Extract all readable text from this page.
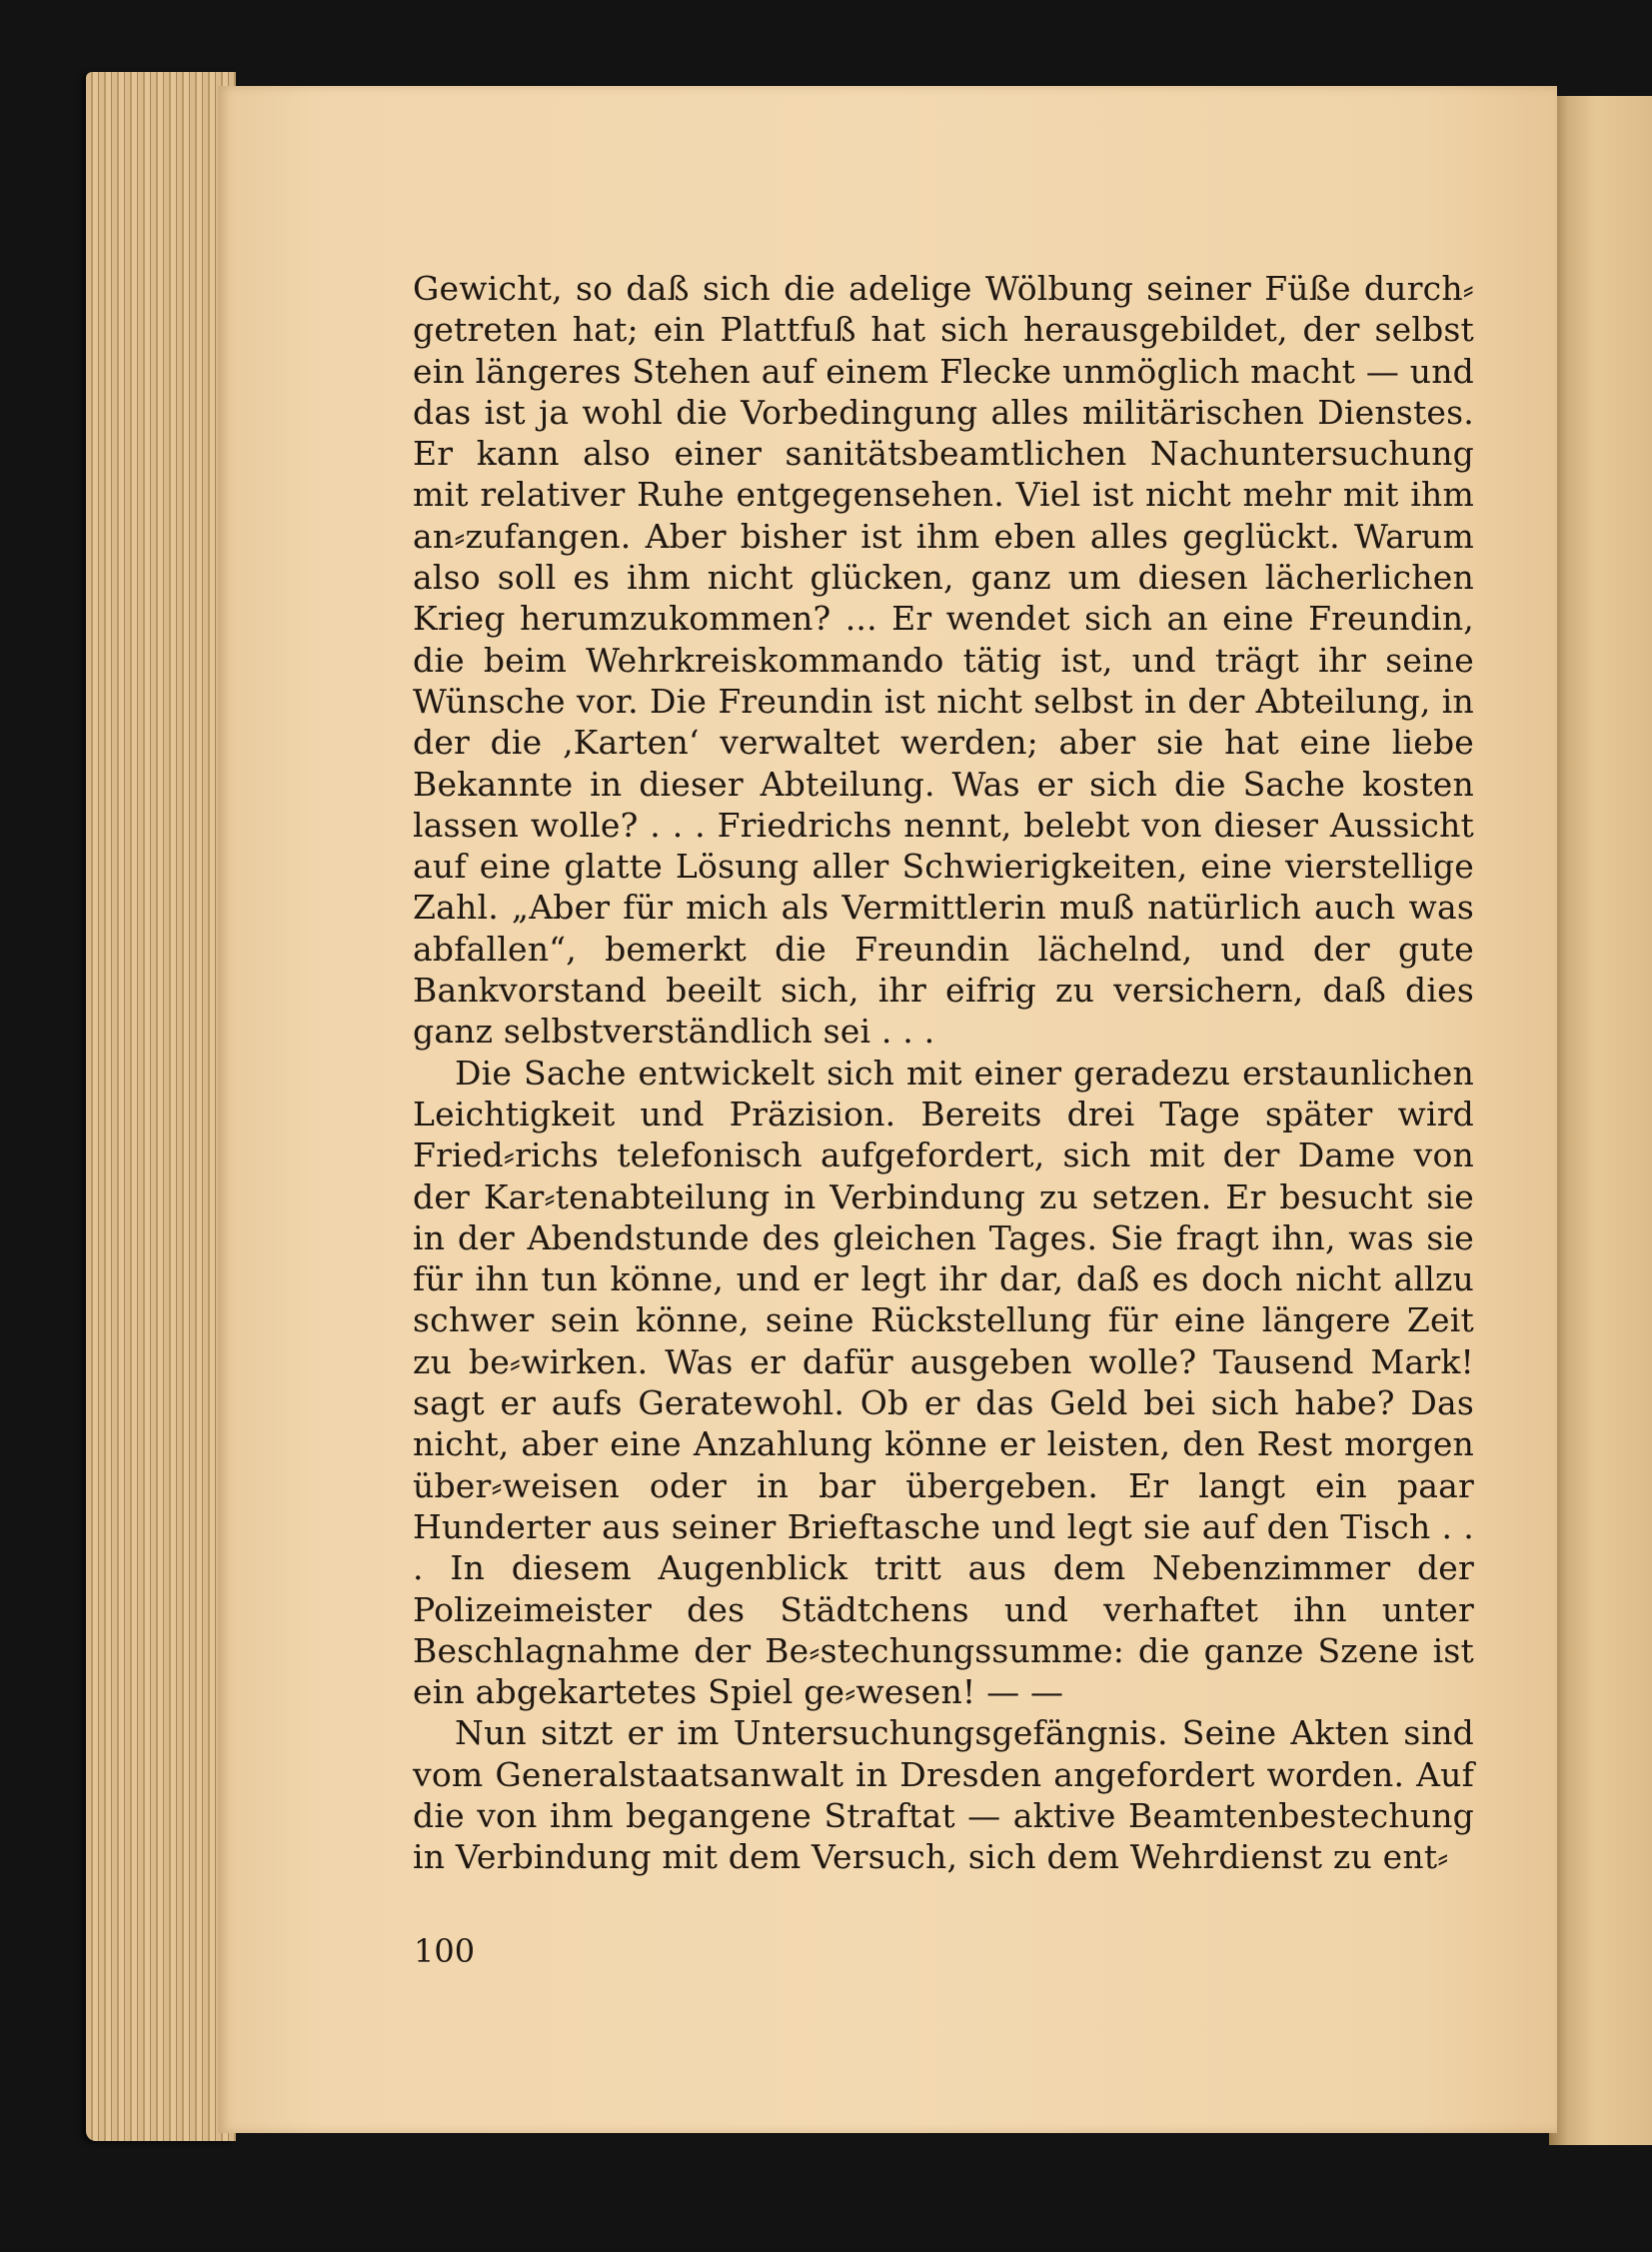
Gewicht, so daß sich die adelige Wölbung seiner Füße durch⸗getreten hat; ein Plattfuß hat sich herausgebildet, der selbst ein längeres Stehen auf einem Flecke unmöglich macht — und das ist ja wohl die Vorbedingung alles militärischen Dienstes. Er kann also einer sanitätsbeamtlichen Nachuntersuchung mit relativer Ruhe entgegensehen. Viel ist nicht mehr mit ihm an⸗zufangen. Aber bisher ist ihm eben alles geglückt. Warum also soll es ihm nicht glücken, ganz um diesen lächerlichen Krieg herumzukommen? ... Er wendet sich an eine Freundin, die beim Wehrkreiskommando tätig ist, und trägt ihr seine Wünsche vor. Die Freundin ist nicht selbst in der Abteilung, in der die ‚Karten‘ verwaltet werden; aber sie hat eine liebe Bekannte in dieser Abteilung. Was er sich die Sache kosten lassen wolle? . . . Friedrichs nennt, belebt von dieser Aussicht auf eine glatte Lösung aller Schwierigkeiten, eine vierstellige Zahl. „Aber für mich als Vermittlerin muß natürlich auch was abfallen“, bemerkt die Freundin lächelnd, und der gute Bankvorstand beeilt sich, ihr eifrig zu versichern, daß dies ganz selbstverständlich sei . . .

Die Sache entwickelt sich mit einer geradezu erstaunlichen Leichtigkeit und Präzision. Bereits drei Tage später wird Fried⸗richs telefonisch aufgefordert, sich mit der Dame von der Kar⸗tenabteilung in Verbindung zu setzen. Er besucht sie in der Abendstunde des gleichen Tages. Sie fragt ihn, was sie für ihn tun könne, und er legt ihr dar, daß es doch nicht allzu schwer sein könne, seine Rückstellung für eine längere Zeit zu be⸗wirken. Was er dafür ausgeben wolle? Tausend Mark! sagt er aufs Geratewohl. Ob er das Geld bei sich habe? Das nicht, aber eine Anzahlung könne er leisten, den Rest morgen über⸗weisen oder in bar übergeben. Er langt ein paar Hunderter aus seiner Brieftasche und legt sie auf den Tisch . . . In diesem Augenblick tritt aus dem Nebenzimmer der Polizeimeister des Städtchens und verhaftet ihn unter Beschlagnahme der Be⸗stechungssumme: die ganze Szene ist ein abgekartetes Spiel ge⸗wesen! — —

Nun sitzt er im Untersuchungsgefängnis. Seine Akten sind vom Generalstaatsanwalt in Dresden angefordert worden. Auf die von ihm begangene Straftat — aktive Beamtenbestechung in Verbindung mit dem Versuch, sich dem Wehrdienst zu ent⸗

100
